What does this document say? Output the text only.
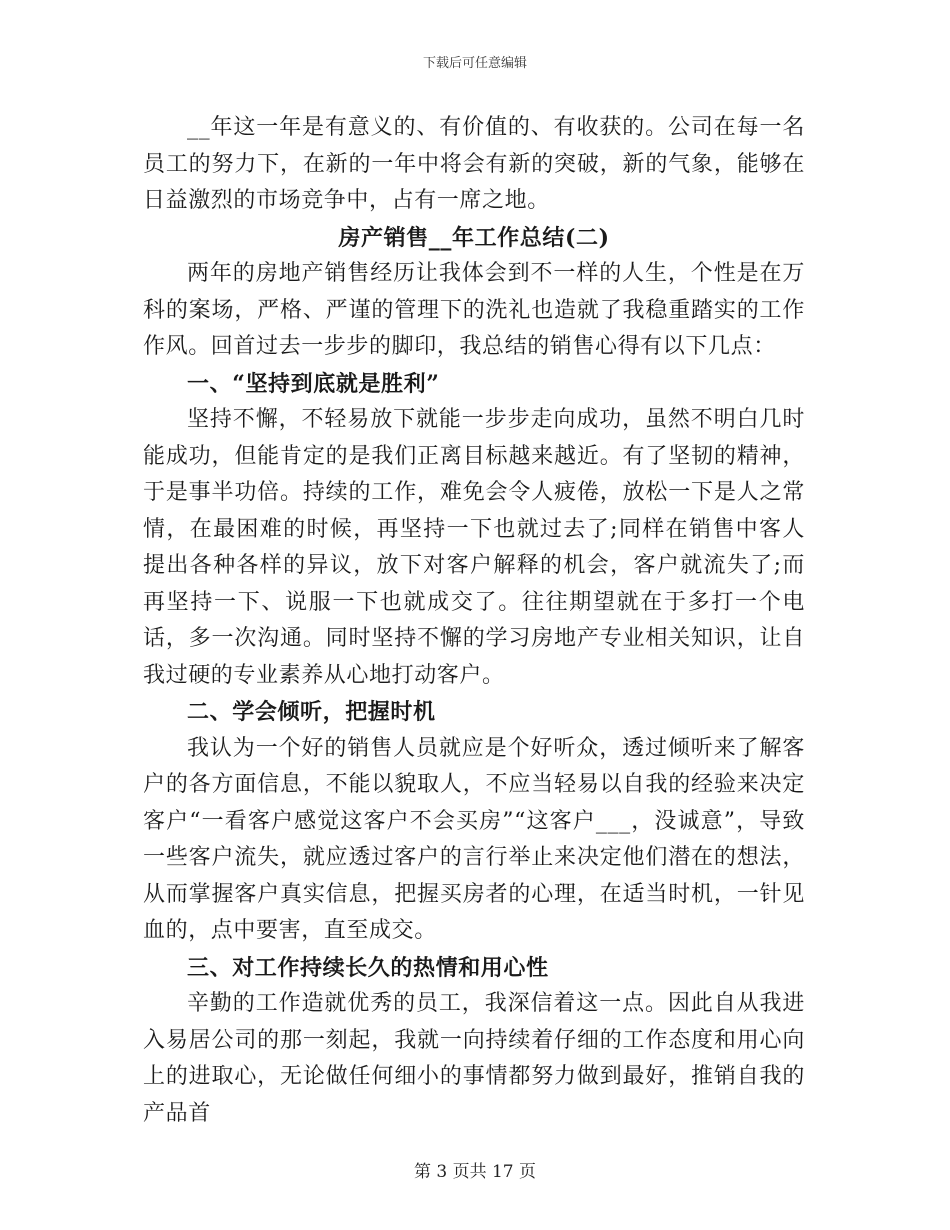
下载后可任意编辑

__年这一年是有意义的、有价值的、有收获的。公司在每一名员工的努力下，在新的一年中将会有新的突破，新的气象，能够在日益激烈的市场竞争中，占有一席之地。

房产销售__年工作总结(二)

两年的房地产销售经历让我体会到不一样的人生，个性是在万科的案场，严格、严谨的管理下的洗礼也造就了我稳重踏实的工作作风。回首过去一步步的脚印，我总结的销售心得有以下几点：

一、“坚持到底就是胜利”

坚持不懈，不轻易放下就能一步步走向成功，虽然不明白几时能成功，但能肯定的是我们正离目标越来越近。有了坚韧的精神，于是事半功倍。持续的工作，难免会令人疲倦，放松一下是人之常情，在最困难的时候，再坚持一下也就过去了;同样在销售中客人提出各种各样的异议，放下对客户解释的机会，客户就流失了;而再坚持一下、说服一下也就成交了。往往期望就在于多打一个电话，多一次沟通。同时坚持不懈的学习房地产专业相关知识，让自我过硬的专业素养从心地打动客户。

二、学会倾听，把握时机

我认为一个好的销售人员就应是个好听众，透过倾听来了解客户的各方面信息，不能以貌取人，不应当轻易以自我的经验来决定客户“一看客户感觉这客户不会买房”“这客户___，没诚意”，导致一些客户流失，就应透过客户的言行举止来决定他们潜在的想法，从而掌握客户真实信息，把握买房者的心理，在适当时机，一针见血的，点中要害，直至成交。

三、对工作持续长久的热情和用心性

辛勤的工作造就优秀的员工，我深信着这一点。因此自从我进入易居公司的那一刻起，我就一向持续着仔细的工作态度和用心向上的进取心，无论做任何细小的事情都努力做到最好，推销自我的产品首

第 3 页共 17 页
